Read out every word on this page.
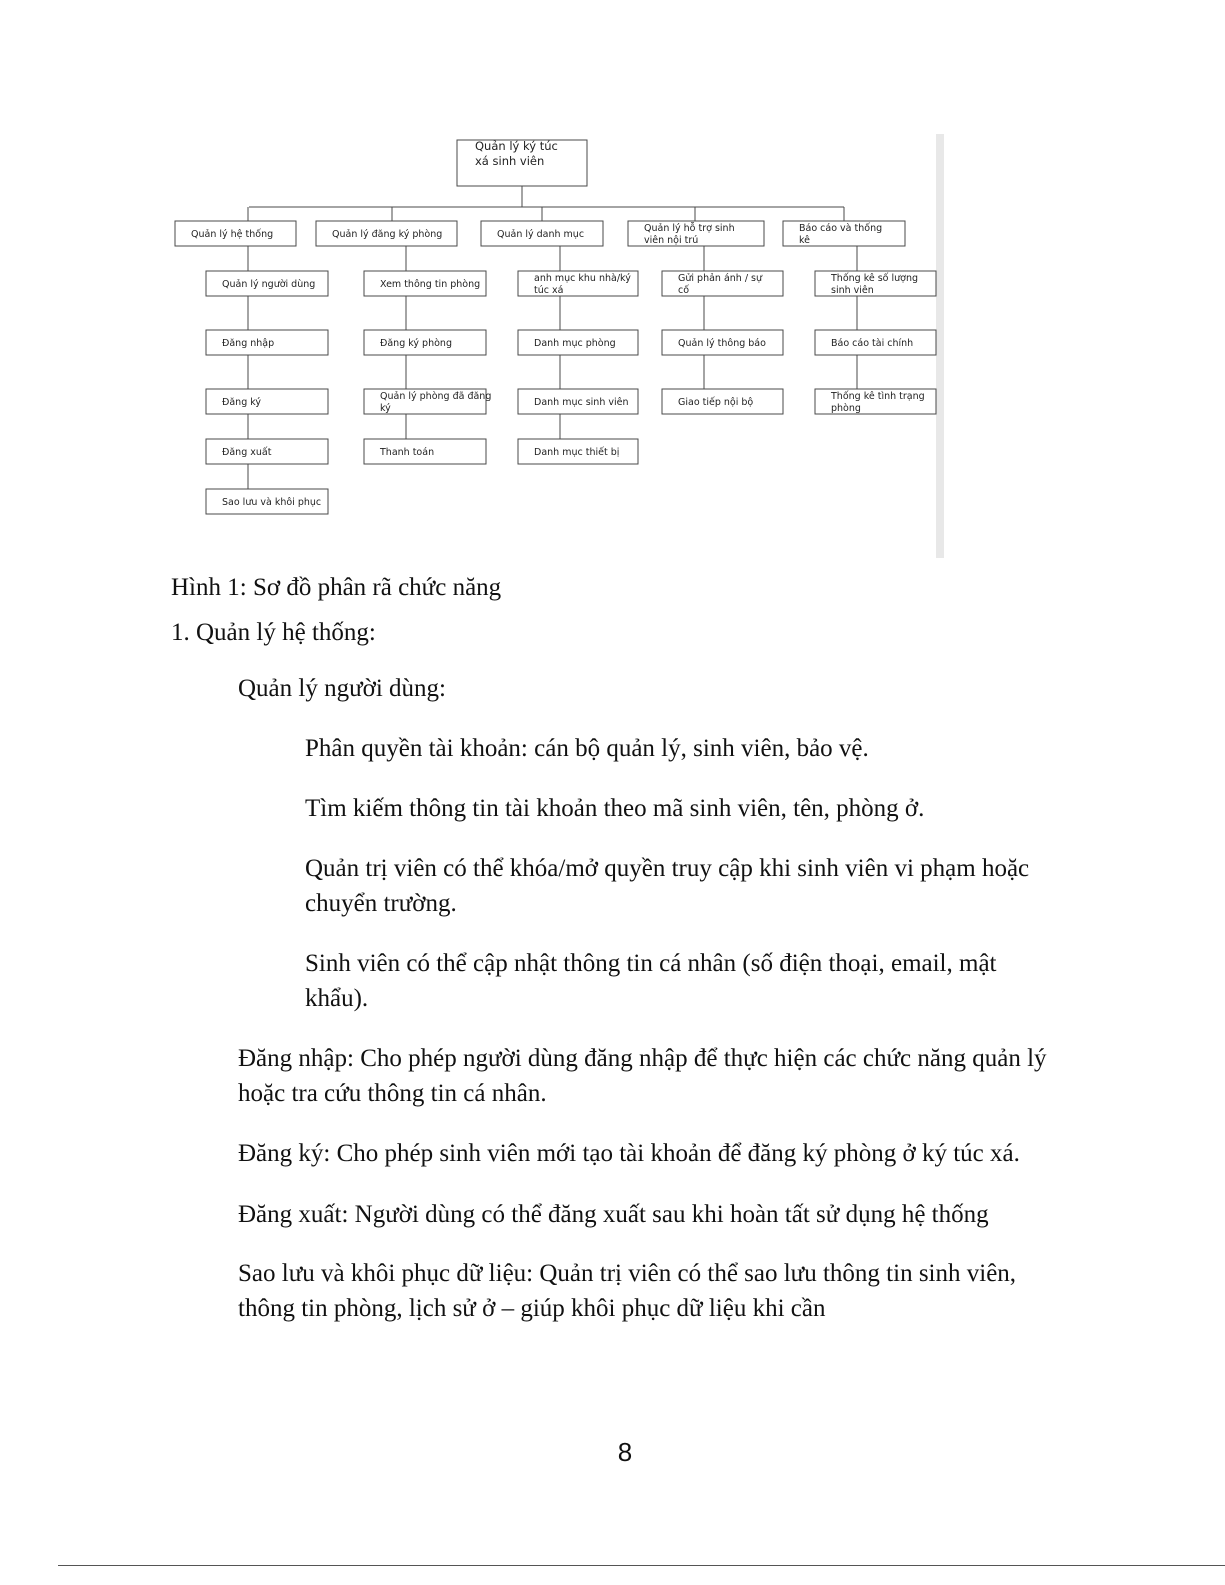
Quản lý ký túc
xá sinh viên
Quản lý hệ thống
Quản lý người dùng
Đăng nhập
Đăng ký
Đăng xuất
Sao lưu và khôi phục
Quản lý đăng ký phòng
Xem thông tin phòng
Đăng ký phòng
Quản lý phòng đã đăng
ký
Thanh toán
Quản lý danh mục
anh mục khu nhà/ký
túc xá
Danh mục phòng
Danh mục sinh viên
Danh mục thiết bị
Quản lý hỗ trợ sinh
viên nội trú
Gửi phản ánh / sự
cố
Quản lý thông báo
Giao tiếp nội bộ
Báo cáo và thống
kê
Thống kê số lượng
sinh viên
Báo cáo tài chính
Thống kê tình trạng
phòng

Hình 1: Sơ đồ phân rã chức năng

1. Quản lý hệ thống:

Quản lý người dùng:

Phân quyền tài khoản: cán bộ quản lý, sinh viên, bảo vệ.

Tìm kiếm thông tin tài khoản theo mã sinh viên, tên, phòng ở.

Quản trị viên có thể khóa/mở quyền truy cập khi sinh viên vi phạm hoặc chuyển trường.

Sinh viên có thể cập nhật thông tin cá nhân (số điện thoại, email, mật khẩu).

Đăng nhập: Cho phép người dùng đăng nhập để thực hiện các chức năng quản lý hoặc tra cứu thông tin cá nhân.

Đăng ký: Cho phép sinh viên mới tạo tài khoản để đăng ký phòng ở ký túc xá.

Đăng xuất: Người dùng có thể đăng xuất sau khi hoàn tất sử dụng hệ thống

Sao lưu và khôi phục dữ liệu: Quản trị viên có thể sao lưu thông tin sinh viên, thông tin phòng, lịch sử ở – giúp khôi phục dữ liệu khi cần

8
